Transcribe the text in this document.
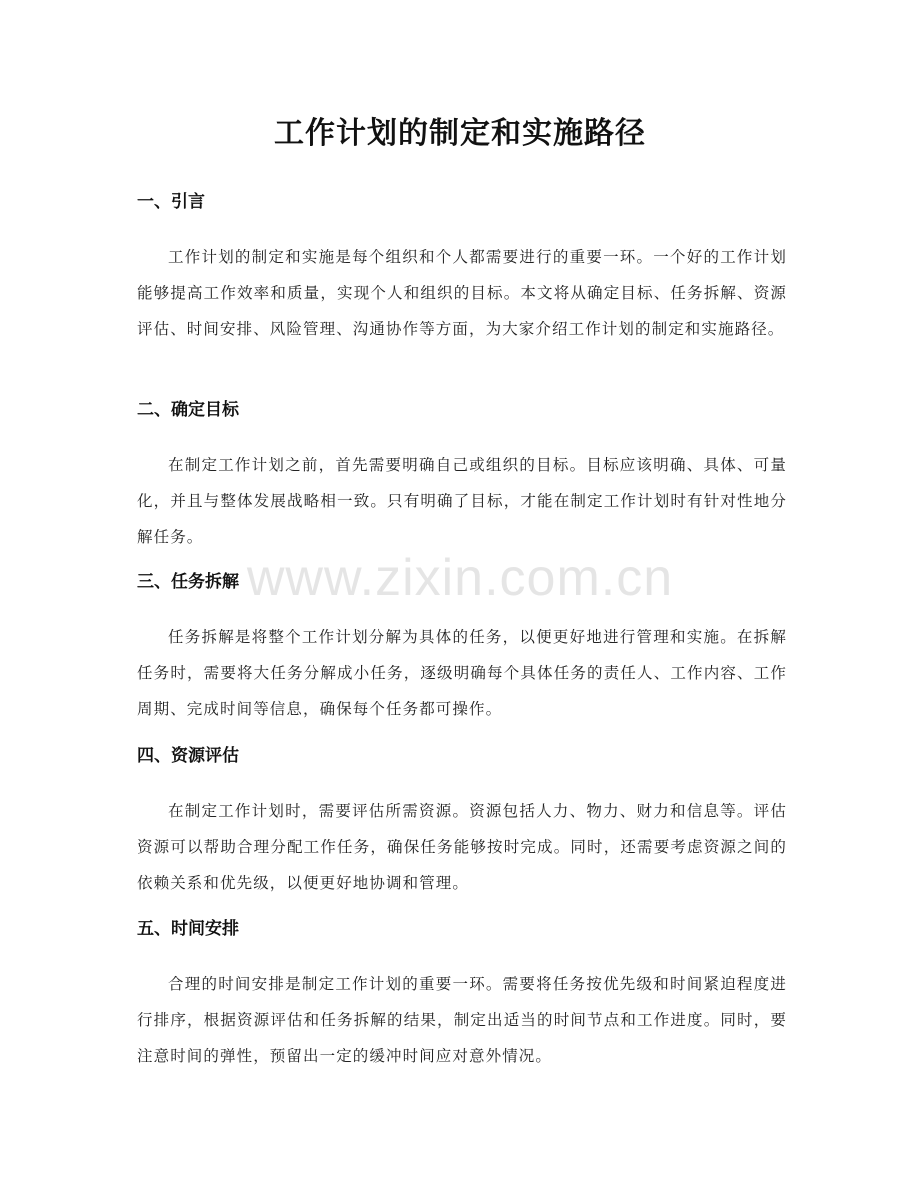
工作计划的制定和实施路径
一、引言

工作计划的制定和实施是每个组织和个人都需要进行的重要一环。一个好的工作计划能够提高工作效率和质量，实现个人和组织的目标。本文将从确定目标、任务拆解、资源评估、时间安排、风险管理、沟通协作等方面，为大家介绍工作计划的制定和实施路径。

二、确定目标

在制定工作计划之前，首先需要明确自己或组织的目标。目标应该明确、具体、可量化，并且与整体发展战略相一致。只有明确了目标，才能在制定工作计划时有针对性地分解任务。

三、任务拆解

任务拆解是将整个工作计划分解为具体的任务，以便更好地进行管理和实施。在拆解任务时，需要将大任务分解成小任务，逐级明确每个具体任务的责任人、工作内容、工作周期、完成时间等信息，确保每个任务都可操作。

四、资源评估

在制定工作计划时，需要评估所需资源。资源包括人力、物力、财力和信息等。评估资源可以帮助合理分配工作任务，确保任务能够按时完成。同时，还需要考虑资源之间的依赖关系和优先级，以便更好地协调和管理。

五、时间安排

合理的时间安排是制定工作计划的重要一环。需要将任务按优先级和时间紧迫程度进行排序，根据资源评估和任务拆解的结果，制定出适当的时间节点和工作进度。同时，要注意时间的弹性，预留出一定的缓冲时间应对意外情况。

www.zixin.com.cn
